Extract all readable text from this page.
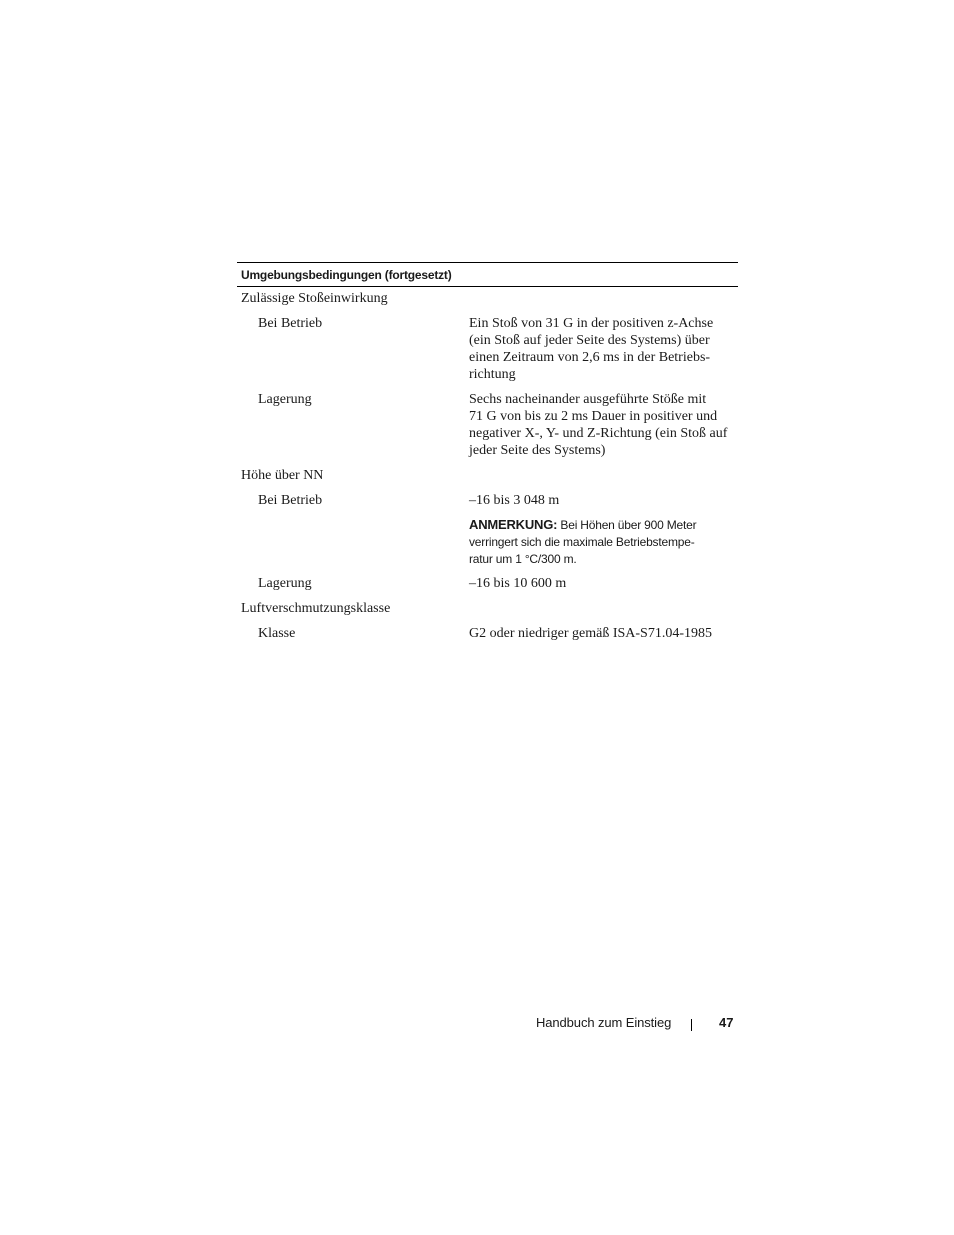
Umgebungsbedingungen (fortgesetzt)
Zulässige Stoßeinwirkung
Bei Betrieb	Ein Stoß von 31 G in der positiven z-Achse
(ein Stoß auf jeder Seite des Systems) über
einen Zeitraum von 2,6 ms in der Betriebs-
richtung
Lagerung	Sechs nacheinander ausgeführte Stöße mit
71 G von bis zu 2 ms Dauer in positiver und
negativer X-, Y- und Z-Richtung (ein Stoß auf
jeder Seite des Systems)
Höhe über NN
Bei Betrieb	–16 bis 3 048 m
ANMERKUNG: Bei Höhen über 900 Meter
verringert sich die maximale Betriebstempe-
ratur um 1 °C/300 m.
Lagerung	–16 bis 10 600 m
Luftverschmutzungsklasse
Klasse	G2 oder niedriger gemäß ISA-S71.04-1985
Handbuch zum Einstieg	47
